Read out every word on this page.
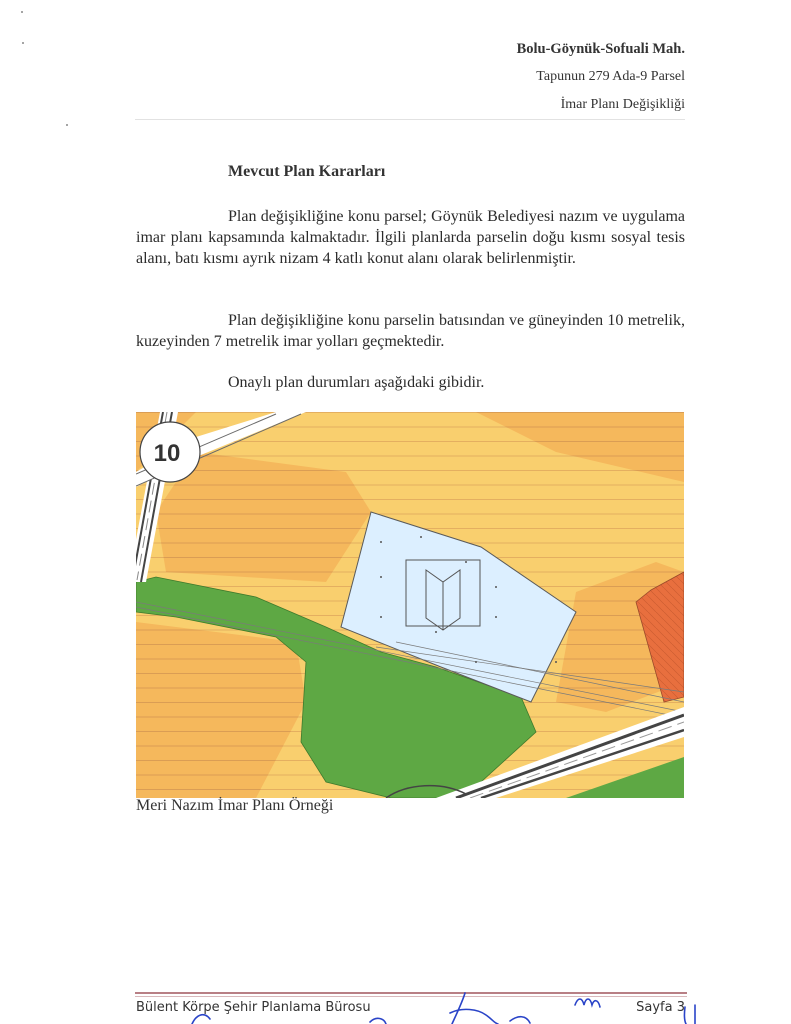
Bolu-Göynük-Sofuali Mah.
Tapunun 279 Ada-9 Parsel
İmar Planı Değişikliği
Mevcut Plan Kararları

Plan değişikliğine konu parsel; Göynük Belediyesi nazım ve uygulama imar planı kapsamında kalmaktadır. İlgili planlarda parselin doğu kısmı sosyal tesis alanı, batı kısmı ayrık nizam 4 katlı konut alanı olarak belirlenmiştir.

Plan değişikliğine konu parselin batısından ve güneyinden 10 metrelik, kuzeyinden 7 metrelik imar yolları geçmektedir.

Onaylı plan durumları aşağıdaki gibidir.

10
Meri Nazım İmar Planı Örneği
Bülent Körpe Şehir Planlama Bürosu	Sayfa 3
